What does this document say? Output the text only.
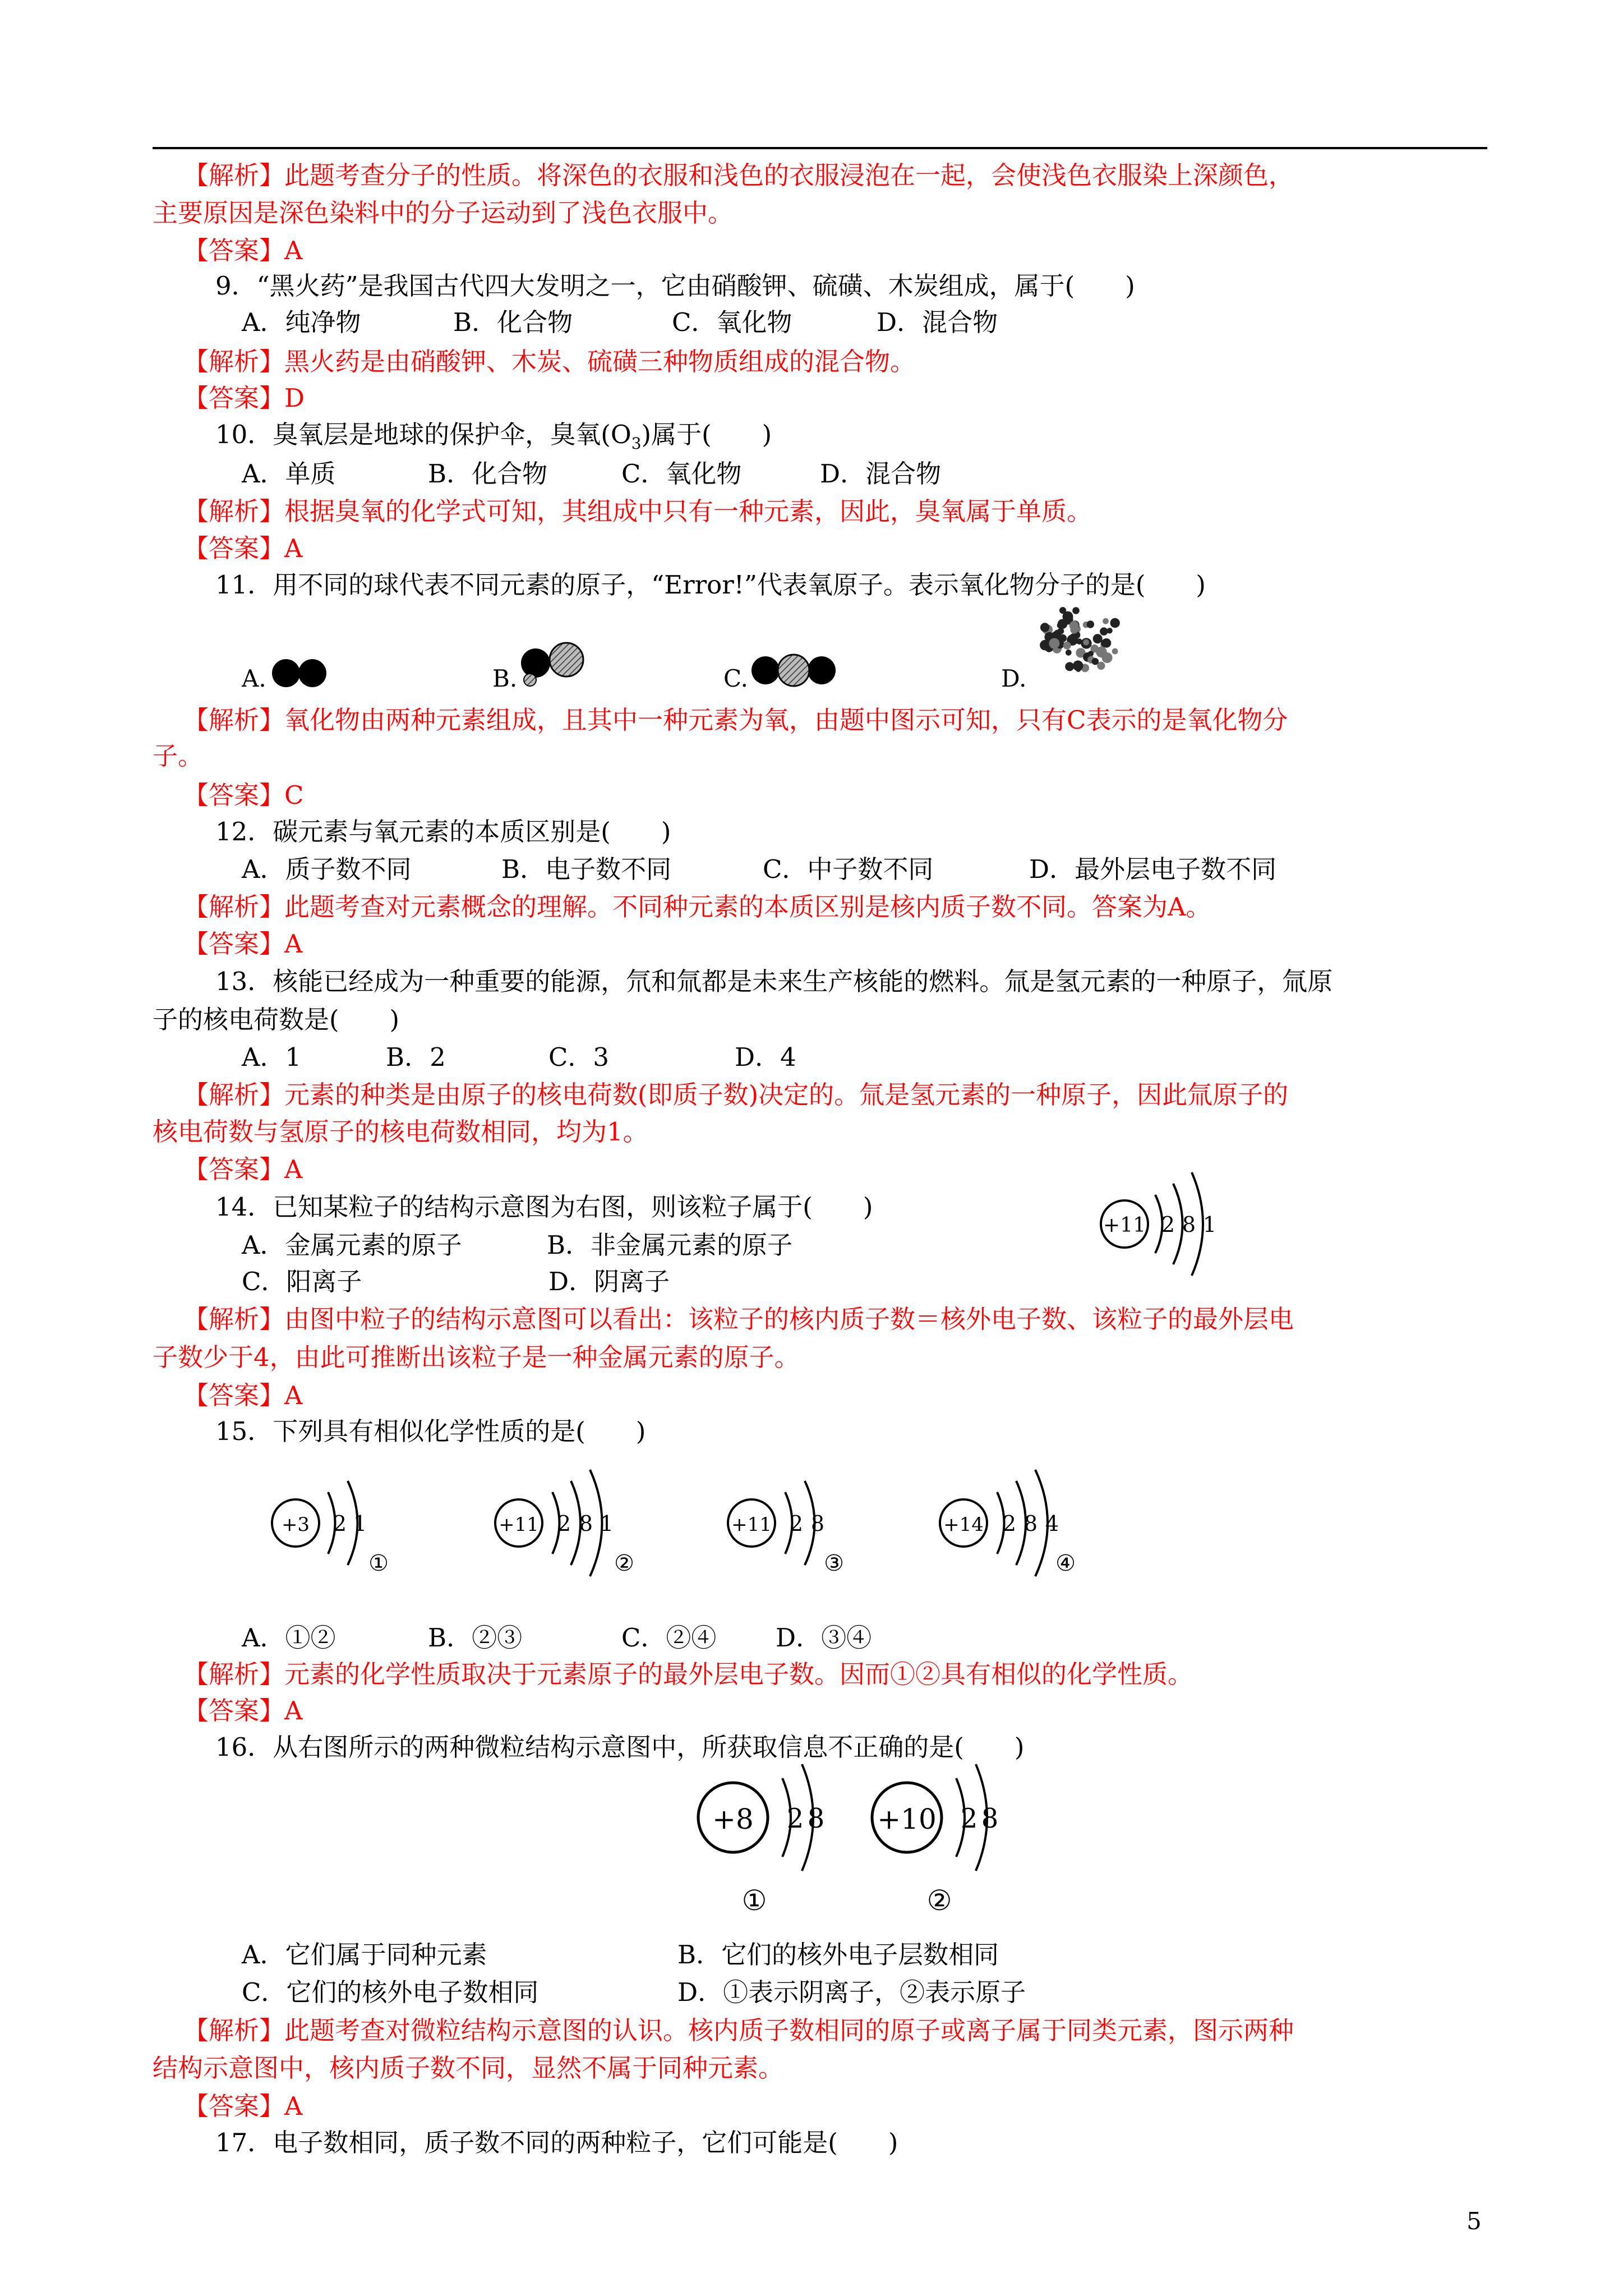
【解析】此题考查分子的性质。将深色的衣服和浅色的衣服浸泡在一起，会使浅色衣服染上深颜色，
主要原因是深色染料中的分子运动到了浅色衣服中。
【答案】A
9．“黑火药”是我国古代四大发明之一，它由硝酸钾、硫磺、木炭组成，属于(　　)
A．纯净物	B．化合物	C．氧化物	D．混合物
【解析】黑火药是由硝酸钾、木炭、硫磺三种物质组成的混合物。
【答案】D
10．臭氧层是地球的保护伞，臭氧$(O_3)$属于(　　)
A．单质	B．化合物	C．氧化物	D．混合物
【解析】根据臭氧的化学式可知，其组成中只有一种元素，因此，臭氧属于单质。
【答案】A
11．用不同的球代表不同元素的原子，“Error!”代表氧原子。表示氧化物分子的是(　　)
A.	B.	C.	D.
【解析】氧化物由两种元素组成，且其中一种元素为氧，由题中图示可知，只有C表示的是氧化物分
子。
【答案】C
12．碳元素与氧元素的本质区别是(　　)
A．质子数不同	B．电子数不同	C．中子数不同	D．最外层电子数不同
【解析】此题考查对元素概念的理解。不同种元素的本质区别是核内质子数不同。答案为A。
【答案】A
13．核能已经成为一种重要的能源，氘和氚都是未来生产核能的燃料。氚是氢元素的一种原子，氚原
子的核电荷数是(　　)
A．1	B．2	C．3	D．4
【解析】元素的种类是由原子的核电荷数(即质子数)决定的。氚是氢元素的一种原子，因此氚原子的
核电荷数与氢原子的核电荷数相同，均为1。
【答案】A
14．已知某粒子的结构示意图为右图，则该粒子属于(　　)
A．金属元素的原子	B．非金属元素的原子
C．阳离子	D．阴离子
+11 2 8 1
【解析】由图中粒子的结构示意图可以看出：该粒子的核内质子数＝核外电子数、该粒子的最外层电
子数少于4，由此可推断出该粒子是一种金属元素的原子。
【答案】A
15．下列具有相似化学性质的是(　　)
+3 2 1
①
+11 2 8 1
②
+11 2 8
③
+14 2 8 4
④
A．①②	B．②③	C．②④ D．③④
【解析】元素的化学性质取决于元素原子的最外层电子数。因而①②具有相似的化学性质。
【答案】A
16．从右图所示的两种微粒结构示意图中，所获取信息不正确的是(　　)
+8 2 8
①
+10 2 8
②
A．它们属于同种元素	B．它们的核外电子层数相同
C．它们的核外电子数相同	D．①表示阴离子，②表示原子
【解析】此题考查对微粒结构示意图的认识。核内质子数相同的原子或离子属于同类元素，图示两种
结构示意图中，核内质子数不同，显然不属于同种元素。
【答案】A
17．电子数相同，质子数不同的两种粒子，它们可能是(　　)
5
